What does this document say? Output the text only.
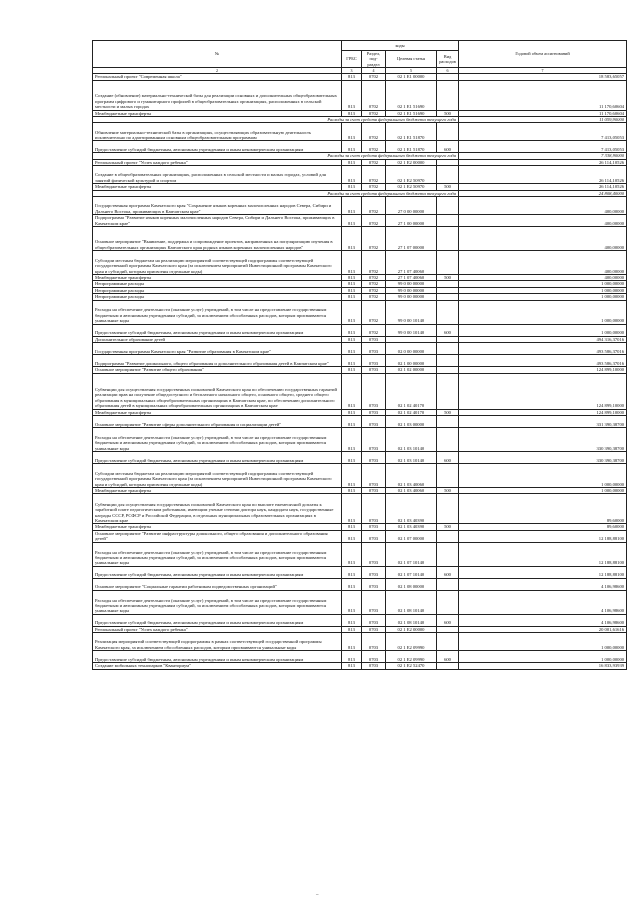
№	коды				Годовой объем ассигнований
	ГРБС	Раздел, под-раздел	Целевая статья	Вид расходов	
2	3	4	5	6	7
Региональный проект "Современная школа"	813	0702	02 1 E1 00000		18 583,65057
Создание (обновление) материально-технической базы для реализации основных и дополнительных общеобразовательных программ цифрового и гуманитарного профилей в общеобразовательных организациях, расположенных в сельской местности и малых городах	813	0702	02 1 E1 51690		11 170,60604
Межбюджетные трансферты	813	0702	02 1 E1 51690	500	11 170,60604
Расходы за счет средств федерального бюджета текущего года					11 059,90000
Обновление материально-технической базы в организациях, осуществляющих образовательную деятельность исключительно по адаптированным основным общеобразовательным программам	813	0702	02 1 E1 51870		7 413,05053
Предоставление субсидий бюджетным, автономным учреждениям и иным некоммерческим организациям	813	0702	02 1 E1 51870	600	7 413,05053
Расходы за счет средств федерального бюджета текущего года					7 338,90000
Региональный проект "Успех каждого ребенка"	813	0702	02 1 E2 00000		26 114,10526
Создание в общеобразовательных организациях, расположенных в сельской местности и малых городах, условий для занятий физической культурой и спортом	813	0702	02 1 E2 50970		26 114,10526
Межбюджетные трансферты	813	0702	02 1 E2 50970	500	26 114,10526
Расходы за счет средств федерального бюджета текущего года					24 808,40000
Государственная программа Камчатского края "Сохранение языков коренных малочисленных народов Севера, Сибири и Дальнего Востока, проживающих в Камчатском крае"	813	0702	27 0 00 00000		400,00000
Подпрограмма "Развитие языков коренных малочисленных народов Севера, Сибири и Дальнего Востока, проживающих в Камчатском крае"	813	0702	27 1 00 00000		400,00000
Основное мероприятие "Выявление, поддержка и сопровождение проектов, направленных на популяризацию изучения в общеобразовательных организациях Камчатского края родных языков коренных малочисленных народов"	813	0702	27 1 07 00000		400,00000
Субсидии местным бюджетам на реализацию мероприятий соответствующей подпрограммы соответствующей государственной программы Камчатского края (за исключением мероприятий Инвестиционной программы Камчатского края и субсидий, которым присвоены отдельные коды)	813	0702	27 1 07 40060		400,00000
Межбюджетные трансферты	813	0702	27 1 07 40060	500	400,00000
Непрограммные расходы	813	0702	99 0 00 00000		1 000,00000
Непрограммные расходы	813	0702	99 0 00 00000		1 000,00000
Непрограммные расходы	813	0702	99 0 00 00000		1 000,00000
Расходы на обеспечение деятельности (оказание услуг) учреждений, в том числе на предоставление государственным бюджетным и автономным учреждениям субсидий, за исключением обособленных расходов, которым присваиваются уникальные коды	813	0702	99 0 00 10140		1 000,00000
Предоставление субсидий бюджетным, автономным учреждениям и иным некоммерческим организациям	813	0702	99 0 00 10140	600	1 000,00000
Дополнительное образование детей	813	0703			494 316,37016
Государственная программа Камчатского края "Развитие образования в Камчатском крае"	813	0703	02 0 00 00000		493 586,37016
Подпрограмма "Развитие дошкольного, общего образования и дополнительного образования детей в Камчатском крае"	813	0703	02 1 00 00000		493 586,37016
Основное мероприятие "Развитие общего образования"	813	0703	02 1 02 00000		124 899,10000
Субвенции для осуществления государственных полномочий Камчатского края по обеспечению государственных гарантий реализации прав на получение общедоступного и бесплатного начального общего, основного общего, среднего общего образования в муниципальных общеобразовательных организациях в Камчатском крае, по обеспечению дополнительного образования детей в муниципальных общеобразовательных организациях в Камчатском крае	813	0703	02 1 02 40170		124 899,10000
Межбюджетные трансферты	813	0703	02 1 02 40170	500	124 899,10000
Основное мероприятие "Развитие сферы дополнительного образования и социализации детей"	813	0703	02 1 03 00000		331 390,38700
Расходы на обеспечение деятельности (оказание услуг) учреждений, в том числе на предоставление государственным бюджетным и автономным учреждениям субсидий, за исключением обособленных расходов, которым присваиваются уникальные коды	813	0703	02 1 03 10140		330 390,38700
Предоставление субсидий бюджетным, автономным учреждениям и иным некоммерческим организациям	813	0703	02 1 03 10140	600	330 390,38700
Субсидии местным бюджетам на реализацию мероприятий соответствующей подпрограммы соответствующей государственной программы Камчатского края (за исключением мероприятий Инвестиционной программы Камчатского края и субсидий, которым присвоены отдельные коды)	813	0703	02 1 03 40060		1 000,00000
Межбюджетные трансферты	813	0703	02 1 03 40060	500	1 000,00000
Субвенции для осуществления государственных полномочий Камчатского края по выплате ежемесячной доплаты к заработной плате педагогическим работникам, имеющим ученые степени доктора наук, кандидата наук, государственные награды СССР, РСФСР и Российской Федерации, в отдельных муниципальных образовательных организациях в Камчатском крае	813	0703	02 1 03 40390		89,60000
Межбюджетные трансферты	813	0703	02 1 03 40390	500	89,60000
Основное мероприятие "Развитие инфраструктуры дошкольного, общего образования и дополнительного образования детей"	813	0703	02 1 07 00000		12 188,88100
Расходы на обеспечение деятельности (оказание услуг) учреждений, в том числе на предоставление государственным бюджетным и автономным учреждениям субсидий, за исключением обособленных расходов, которым присваиваются уникальные коды	813	0703	02 1 07 10140		12 188,88100
Предоставление субсидий бюджетным, автономным учреждениям и иным некоммерческим организациям	813	0703	02 1 07 10140	600	12 188,88100
Основное мероприятие "Социальные гарантии работникам подведомственных организаций"	813	0703	02 1 08 00000		4 106,98600
Расходы на обеспечение деятельности (оказание услуг) учреждений, в том числе на предоставление государственным бюджетным и автономным учреждениям субсидий, за исключением обособленных расходов, которым присваиваются уникальные коды	813	0703	02 1 08 10140		4 106,98600
Предоставление субсидий бюджетным, автономным учреждениям и иным некоммерческим организациям	813	0703	02 1 08 10140	600	4 106,98600
Региональный проект "Успех каждого ребенка"	813	0703	02 1 E2 00000		20 001,61616
Реализация мероприятий соответствующей подпрограммы в рамках соответствующей государственной программы Камчатского края, за исключением обособленных расходов, которым присваиваются уникальные коды	813	0703	02 1 E2 09990		1 000,00000
Предоставление субсидий бюджетным, автономным учреждениям и иным некоммерческим организациям	813	0703	02 1 E2 09990	600	1 000,00000
Создание мобильных технопарков "Кванториум"	813	0703	02 1 E2 52470		16 833,93939
–
